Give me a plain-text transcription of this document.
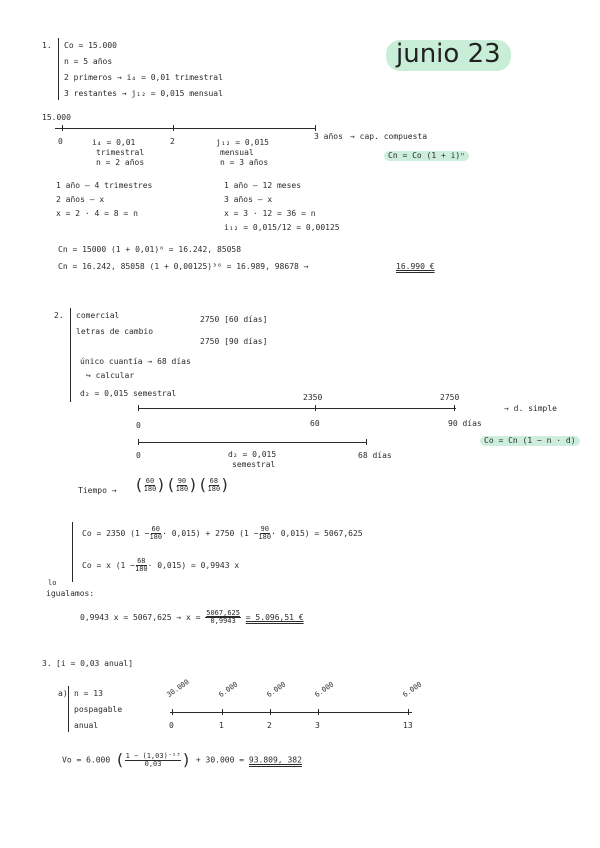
junio 23
1. Co = 15.000
n = 5 años
2 primeros → i₄ = 0,01 trimestral
3 restantes → j₁₂ = 0,015 mensual
15.000
0	2
3 años → cap. compuesta
Cn = Co (1 + i)ⁿ
i₄ = 0,01
trimestral
n = 2 años
j₁₂ = 0,015
mensual
n = 3 años
1 año — 4 trimestres
2 años — x
x = 2 · 4 = 8 = n
1 año — 12 meses
3 años — x
x = 3 · 12 = 36 = n
i₁₂ = 0,015/12 = 0,00125
Cn = 15000 (1 + 0,01)⁸ = 16.242, 85058
Cn = 16.242, 85058 (1 + 0,00125)³⁶ = 16.989, 98678 →	16.990 €
2. comercial
letras de cambio
2750 [60 días]
2750 [90 días]
único cuantía → 68 días
↪ calcular
d₂ = 0,015 semestral	2350	2750
0	60	90 días
→ d. simple
Co = Cn (1 − n · d)
0	d₂ = 0,015
semestral
68 días
Tiempo → ( $\frac{60}{180}$ )( $\frac{90}{180}$ )( $\frac{68}{180}$ )
Co = 2350 $(1 - \frac{60}{180} \cdot 0,015) + 2750$ $(1 - \frac{90}{180} \cdot 0,015) = 5067,625$
Co = x $(1 - \frac{68}{180} \cdot 0,015) = 0,9943$ x
lo
igualamos:
0,9943 $x = 5067,625 \to x = \frac{5067,625}{0,9943} = 5.096,51$ €
3. [i = 0,03 anual]
a) n = 13
pospagable
anual
30.000	6.000	6.000	6.000	6.000
0	1	2	3	13
Vo = 6.000 ( $\frac{\text{1 − (1,03)⁻¹³}}{0,03}$ ) + 30.000 = 93.809, 382
